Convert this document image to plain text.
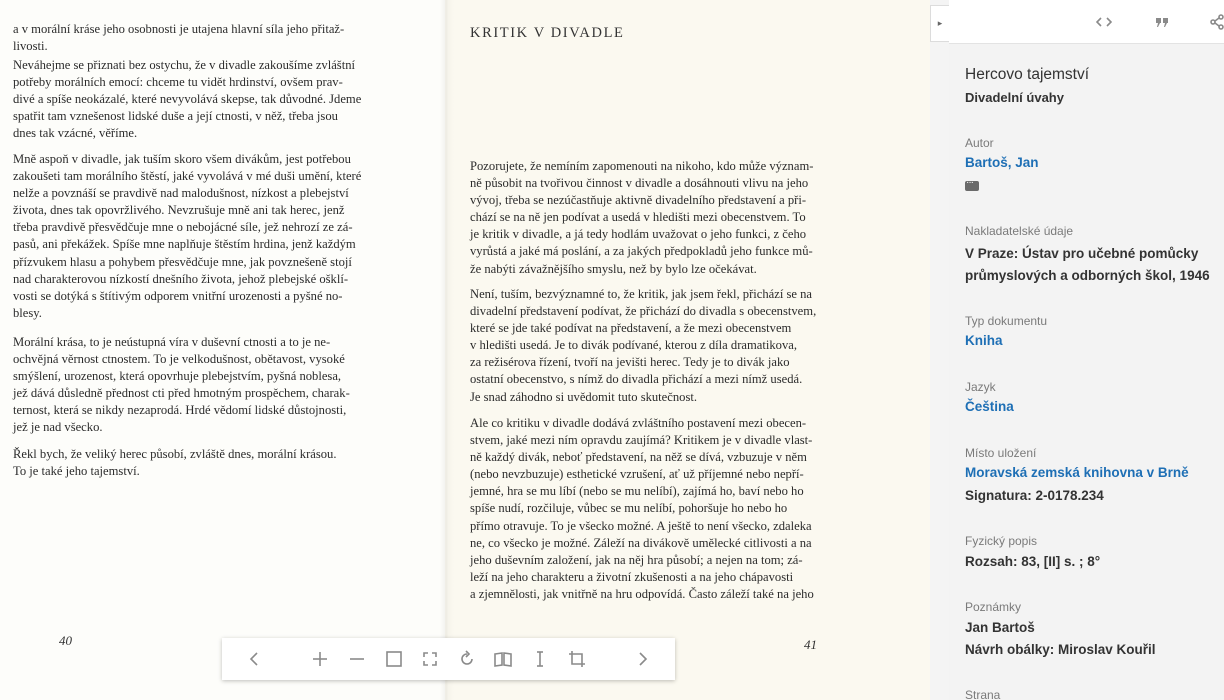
a v morální kráse jeho osobnosti je utajena hlavní síla jeho přitaž-
livosti.
Neváhejme se přiznati bez ostychu, že v divadle zakoušíme zvláštní
potřeby morálních emocí: chceme tu vidět hrdinství, ovšem prav-
divé a spíše neokázalé, které nevyvolává skepse, tak důvodné. Jdeme
spatřit tam vznešenost lidské duše a její ctnosti, v něž, třeba jsou
dnes tak vzácné, věříme.
Mně aspoň v divadle, jak tuším skoro všem divákům, jest potřebou
zakoušeti tam morálního štěstí, jaké vyvolává v mé duši umění, které
nelže a povznáší se pravdivě nad malodušnost, nízkost a plebejství
života, dnes tak opovržlivého. Nevzrušuje mně ani tak herec, jenž
třeba pravdivě přesvědčuje mne o nebojácné síle, jež nehrozí ze zá-
pasů, ani překážek. Spíše mne naplňuje štěstím hrdina, jenž každým
přízvukem hlasu a pohybem přesvědčuje mne, jak povznešeně stojí
nad charakterovou nízkostí dnešního života, jehož plebejské ošklí-
vosti se dotýká s štítivým odporem vnitřní urozenosti a pyšné no-
blesy.
Morální krása, to je neústupná víra v duševní ctnosti a to je ne-
ochvějná věrnost ctnostem. To je velkodušnost, obětavost, vysoké
smýšlení, urozenost, která opovrhuje plebejstvím, pyšná noblesa,
jež dává důsledně přednost cti před hmotným prospěchem, charak-
ternost, která se nikdy nezaprodá. Hrdé vědomí lidské důstojnosti,
jež je nad všecko.
Řekl bych, že veliký herec působí, zvláště dnes, morální krásou.
To je také jeho tajemství.
40
KRITIK V DIVADLE
Pozorujete, že nemíním zapomenouti na nikoho, kdo může význam-
ně působit na tvořivou činnost v divadle a dosáhnouti vlivu na jeho
vývoj, třeba se nezúčastňuje aktivně divadelního představení a při-
chází se na ně jen podívat a usedá v hledišti mezi obecenstvem. To
je kritik v divadle, a já tedy hodlám uvažovat o jeho funkci, z čeho
vyrůstá a jaké má poslání, a za jakých předpokladů jeho funkce mů-
že nabýti závažnějšího smyslu, než by bylo lze očekávat.
Není, tuším, bezvýznamné to, že kritik, jak jsem řekl, přichází se na
divadelní představení podívat, že přichází do divadla s obecenstvem,
které se jde také podívat na představení, a že mezi obecenstvem
v hledišti usedá. Je to divák podívané, kterou z díla dramatikova,
za režisérova řízení, tvoří na jevišti herec. Tedy je to divák jako
ostatní obecenstvo, s nímž do divadla přichází a mezi nímž usedá.
Je snad záhodno si uvědomit tuto skutečnost.
Ale co kritiku v divadle dodává zvláštního postavení mezi obecen-
stvem, jaké mezi ním opravdu zaujímá? Kritikem je v divadle vlast-
ně každý divák, neboť představení, na něž se dívá, vzbuzuje v něm
(nebo nevzbuzuje) esthetické vzrušení, ať už příjemné nebo nepří-
jemné, hra se mu líbí (nebo se mu nelíbí), zajímá ho, baví nebo ho
spíše nudí, rozčiluje, vůbec se mu nelíbí, pohoršuje ho nebo ho
přímo otravuje. To je všecko možné. A ještě to není všecko, zdaleka
ne, co všecko je možné. Záleží na divákově umělecké citlivosti a na
jeho duševním založení, jak na něj hra působí; a nejen na tom; zá-
leží na jeho charakteru a životní zkušenosti a na jeho chápavosti
a zjemnělosti, jak vnitřně na hru odpovídá. Často záleží také na jeho
41
▸
Hercovo tajemství
Divadelní úvahy
Autor
Bartoš, Jan
···
Nakladatelské údaje
V Praze: Ústav pro učebné pomůcky průmyslových a odborných škol, 1946
Typ dokumentu
Kniha
Jazyk
Čeština
Místo uložení
Moravská zemská knihovna v Brně
Signatura: 2-0178.234
Fyzický popis
Rozsah: 83, [II] s. ; 8°
Poznámky
Jan Bartoš
Návrh obálky: Miroslav Kouřil
Strana
